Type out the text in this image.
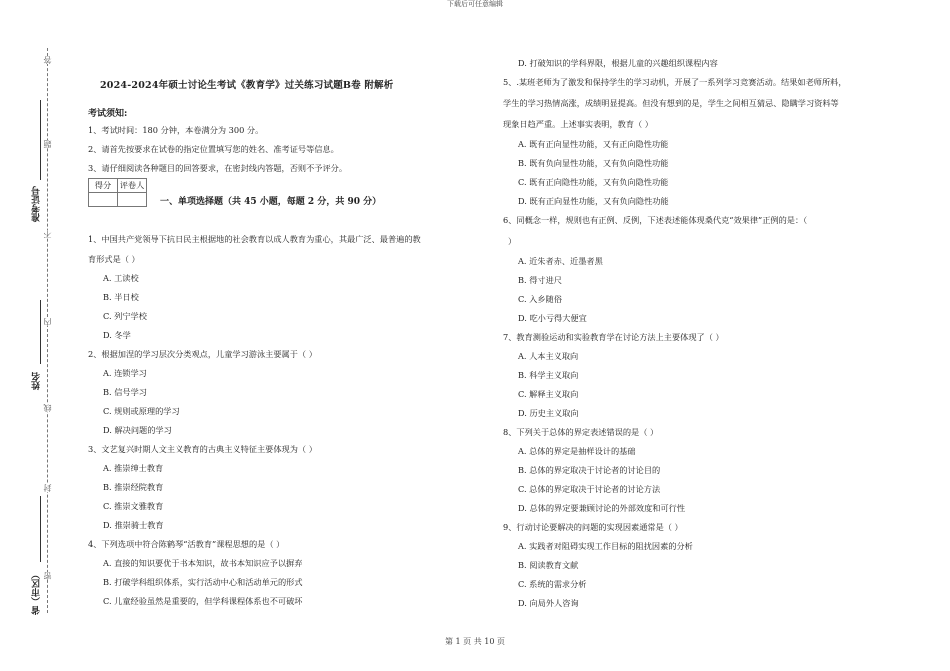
下载后可任意编辑
答
题
不
内
线
封
密
准考证号
姓名
省（市区）
2024-2024年硕士讨论生考试《教育学》过关练习试题B卷 附解析
考试须知:
1、考试时间：180 分钟，本卷满分为 300 分。
2、请首先按要求在试卷的指定位置填写您的姓名、准考证号等信息。
3、请仔细阅读各种题目的回答要求，在密封线内答题，否则不予评分。
得分	评卷人

一、单项选择题（共 45 小题，每题 2 分，共 90 分）
1、中国共产党领导下抗日民主根据地的社会教育以成人教育为重心，其最广泛、最普遍的教
育形式是（ ）
A. 工读校
B. 半日校
C. 列宁学校
D. 冬学
2、根据加涅的学习层次分类观点，儿童学习游泳主要属于（ ）
A. 连锁学习
B. 信号学习
C. 规则或原理的学习
D. 解决问题的学习
3、文艺复兴时期人文主义教育的古典主义特征主要体现为（ ）
A. 推崇绅士教育
B. 推崇经院教育
C. 推崇文雅教育
D. 推崇骑士教育
4、下列选项中符合陈鹤琴“活教育”课程思想的是（ ）
A. 直接的知识要优于书本知识，故书本知识应予以摒弃
B. 打破学科组织体系，实行活动中心和活动单元的形式
C. 儿童经验虽然是重要的，但学科课程体系也不可破坏
D. 打破知识的学科界限，根据儿童的兴趣组织课程内容
5、.某班老师为了激发和保持学生的学习动机，开展了一系列学习竞赛活动。结果如老师所料，
学生的学习热情高涨，成绩明显提高。但没有想到的是，学生之间相互猜忌、隐瞒学习资料等
现象日趋严重。上述事实表明，教育（ ）
A. 既有正向显性功能，又有正向隐性功能
B. 既有负向显性功能，又有负向隐性功能
C. 既有正向隐性功能，又有负向隐性功能
D. 既有正向显性功能，又有负向隐性功能
6、同概念一样，规则也有正例、反例，下述表述能体现桑代克“效果律”正例的是：（
）
A. 近朱者赤、近墨者黑
B. 得寸进尺
C. 入乡随俗
D. 吃小亏得大便宜
7、教育测验运动和实验教育学在讨论方法上主要体现了（ ）
A. 人本主义取向
B. 科学主义取向
C. 解释主义取向
D. 历史主义取向
8、下列关于总体的界定表述错误的是（ ）
A. 总体的界定是抽样设计的基础
B. 总体的界定取决于讨论者的讨论目的
C. 总体的界定取决于讨论者的讨论方法
D. 总体的界定要兼顾讨论的外部效度和可行性
9、行动讨论要解决的问题的实现因素通常是（ ）
A. 实践者对阻碍实现工作目标的阻扰因素的分析
B. 阅读教育文献
C. 系统的需求分析
D. 向局外人咨询
第 1 页 共 10 页
